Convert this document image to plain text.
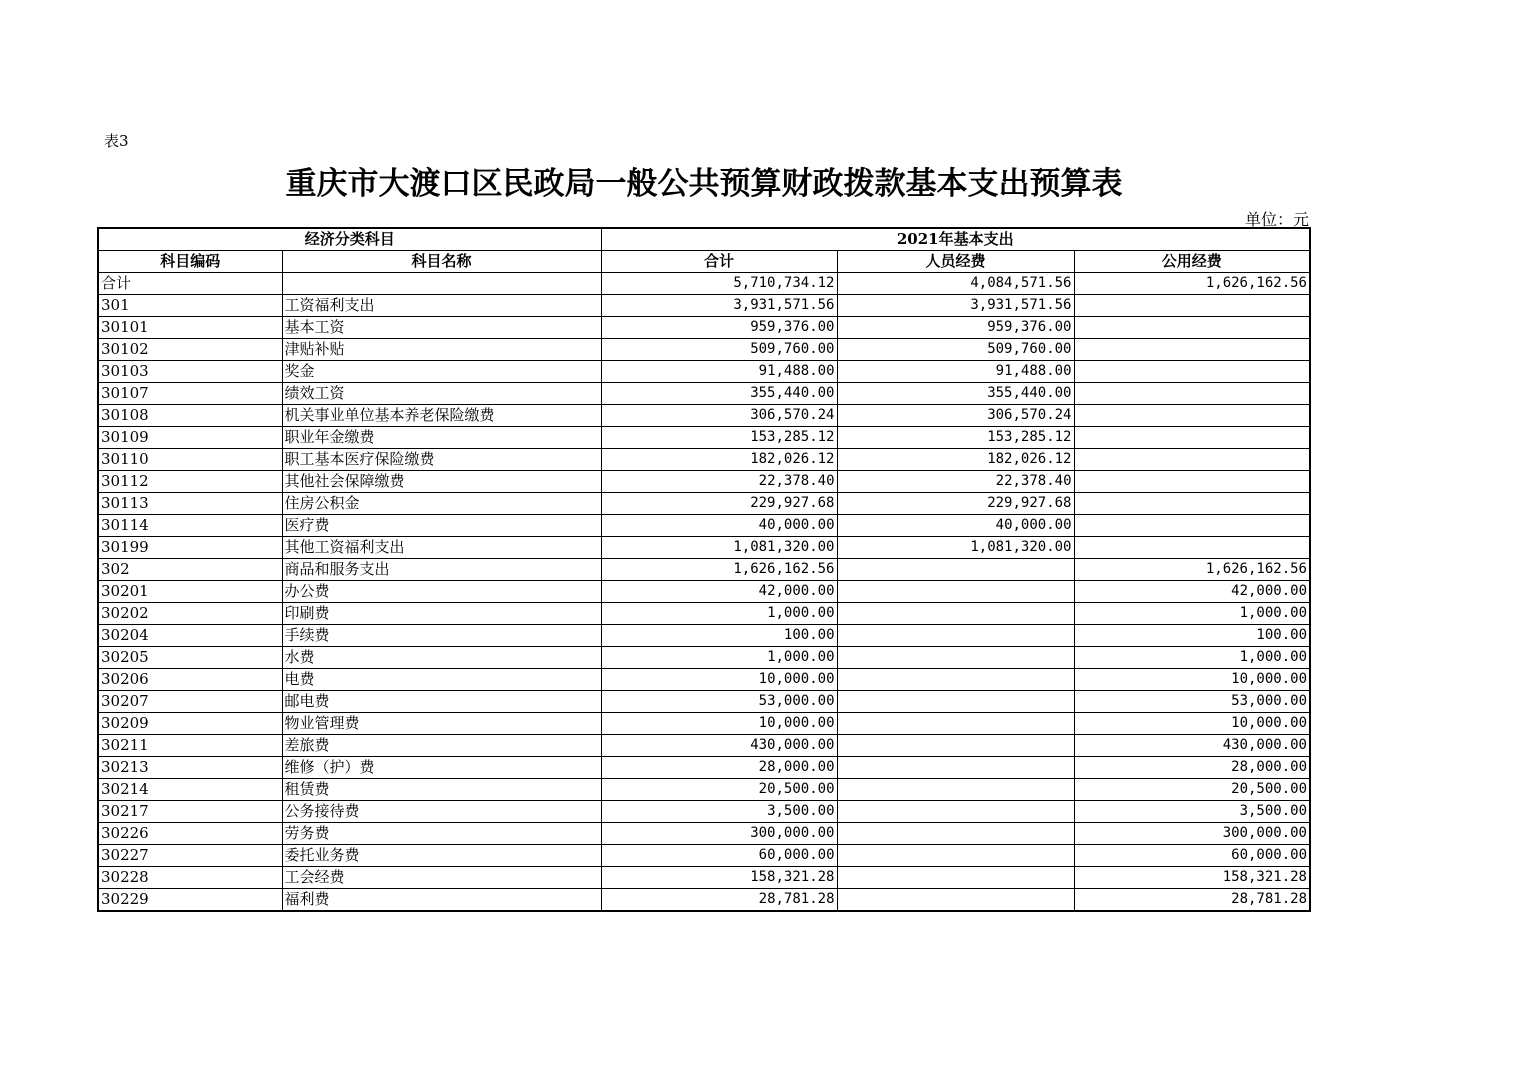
表3
重庆市大渡口区民政局一般公共预算财政拨款基本支出预算表
单位：元
经济分类科目		2021年基本支出		
科目编码	科目名称	合计	人员经费	公用经费
合计		5,710,734.12	4,084,571.56	1,626,162.56
301	工资福利支出	3,931,571.56	3,931,571.56	
30101	基本工资	959,376.00	959,376.00	
30102	津贴补贴	509,760.00	509,760.00	
30103	奖金	91,488.00	91,488.00	
30107	绩效工资	355,440.00	355,440.00	
30108	机关事业单位基本养老保险缴费	306,570.24	306,570.24	
30109	职业年金缴费	153,285.12	153,285.12	
30110	职工基本医疗保险缴费	182,026.12	182,026.12	
30112	其他社会保障缴费	22,378.40	22,378.40	
30113	住房公积金	229,927.68	229,927.68	
30114	医疗费	40,000.00	40,000.00	
30199	其他工资福利支出	1,081,320.00	1,081,320.00	
302	商品和服务支出	1,626,162.56		1,626,162.56
30201	办公费	42,000.00		42,000.00
30202	印刷费	1,000.00		1,000.00
30204	手续费	100.00		100.00
30205	水费	1,000.00		1,000.00
30206	电费	10,000.00		10,000.00
30207	邮电费	53,000.00		53,000.00
30209	物业管理费	10,000.00		10,000.00
30211	差旅费	430,000.00		430,000.00
30213	维修（护）费	28,000.00		28,000.00
30214	租赁费	20,500.00		20,500.00
30217	公务接待费	3,500.00		3,500.00
30226	劳务费	300,000.00		300,000.00
30227	委托业务费	60,000.00		60,000.00
30228	工会经费	158,321.28		158,321.28
30229	福利费	28,781.28		28,781.28
